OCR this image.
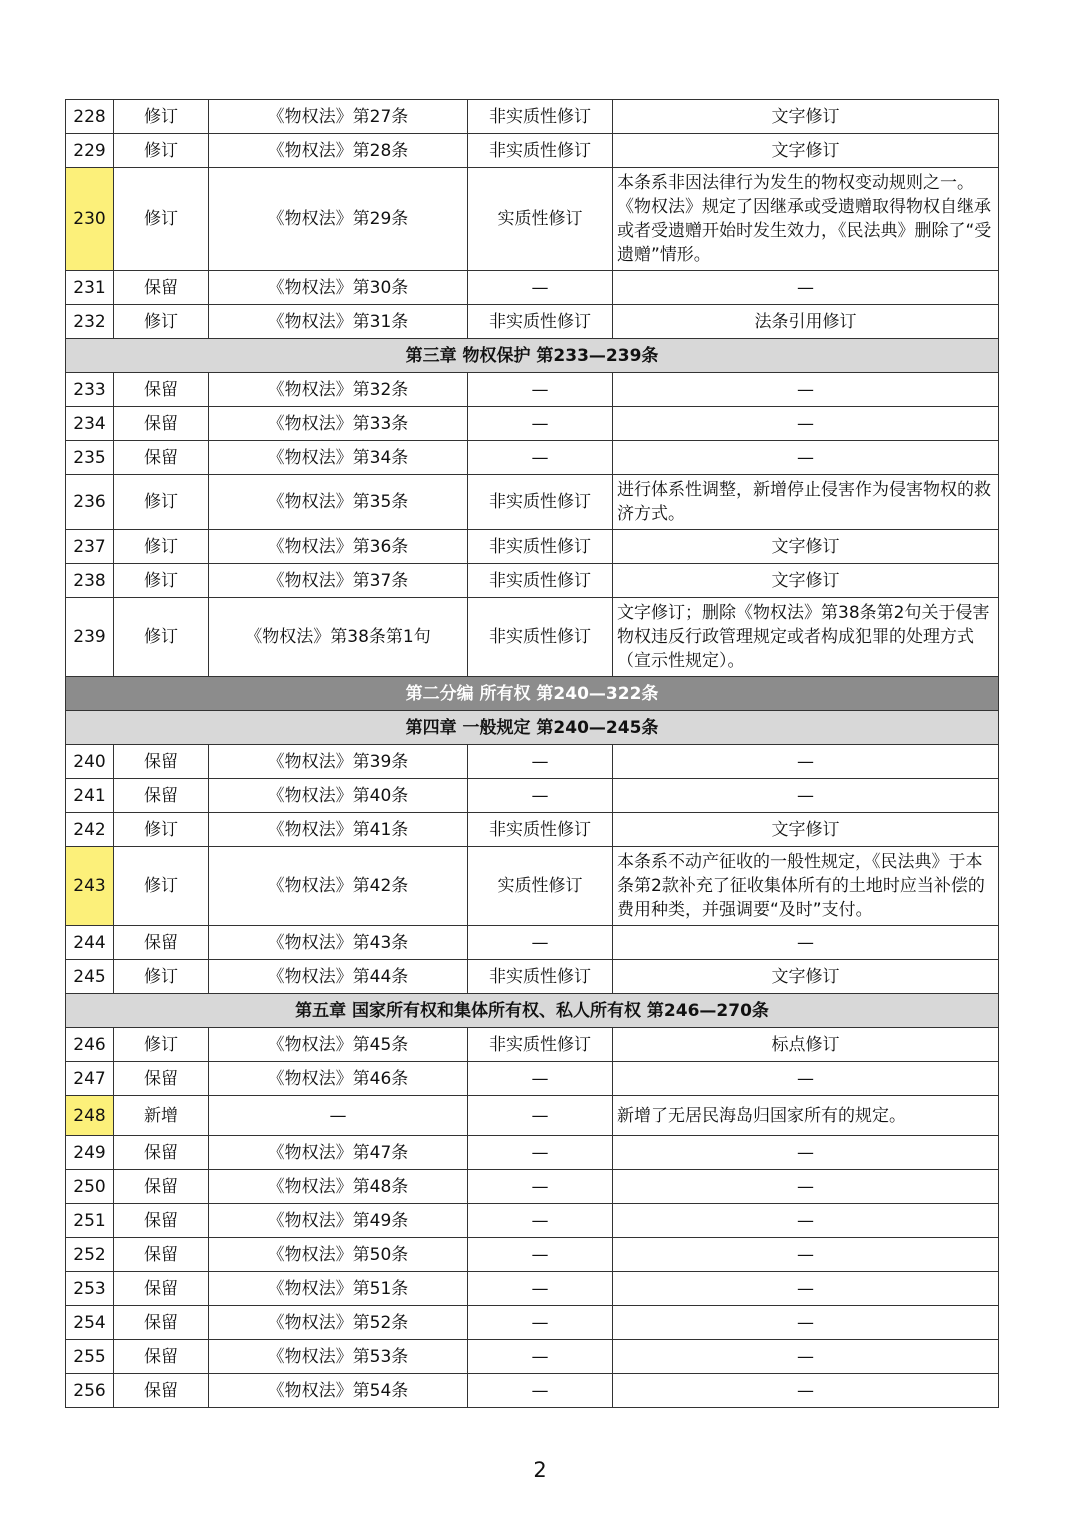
228	修订	《物权法》第27条	非实质性修订	文字修订
229	修订	《物权法》第28条	非实质性修订	文字修订
230	修订	《物权法》第29条	实质性修订	本条系非因法律行为发生的物权变动规则之一。《物权法》规定了因继承或受遗赠取得物权自继承或者受遗赠开始时发生效力，《民法典》删除了“受遗赠”情形。
231	保留	《物权法》第30条	—	—
232	修订	《物权法》第31条	非实质性修订	法条引用修订
第三章 物权保护 第233—239条				
233	保留	《物权法》第32条	—	—
234	保留	《物权法》第33条	—	—
235	保留	《物权法》第34条	—	—
236	修订	《物权法》第35条	非实质性修订	进行体系性调整，新增停止侵害作为侵害物权的救济方式。
237	修订	《物权法》第36条	非实质性修订	文字修订
238	修订	《物权法》第37条	非实质性修订	文字修订
239	修订	《物权法》第38条第1句	非实质性修订	文字修订；删除《物权法》第38条第2句关于侵害物权违反行政管理规定或者构成犯罪的处理方式（宣示性规定）。
第二分编 所有权 第240—322条				
第四章 一般规定 第240—245条				
240	保留	《物权法》第39条	—	—
241	保留	《物权法》第40条	—	—
242	修订	《物权法》第41条	非实质性修订	文字修订
243	修订	《物权法》第42条	实质性修订	本条系不动产征收的一般性规定，《民法典》于本条第2款补充了征收集体所有的土地时应当补偿的费用种类，并强调要“及时”支付。
244	保留	《物权法》第43条	—	—
245	修订	《物权法》第44条	非实质性修订	文字修订
第五章 国家所有权和集体所有权、私人所有权 第246—270条				
246	修订	《物权法》第45条	非实质性修订	标点修订
247	保留	《物权法》第46条	—	—
248	新增	—	—	新增了无居民海岛归国家所有的规定。
249	保留	《物权法》第47条	—	—
250	保留	《物权法》第48条	—	—
251	保留	《物权法》第49条	—	—
252	保留	《物权法》第50条	—	—
253	保留	《物权法》第51条	—	—
254	保留	《物权法》第52条	—	—
255	保留	《物权法》第53条	—	—
256	保留	《物权法》第54条	—	—
2
